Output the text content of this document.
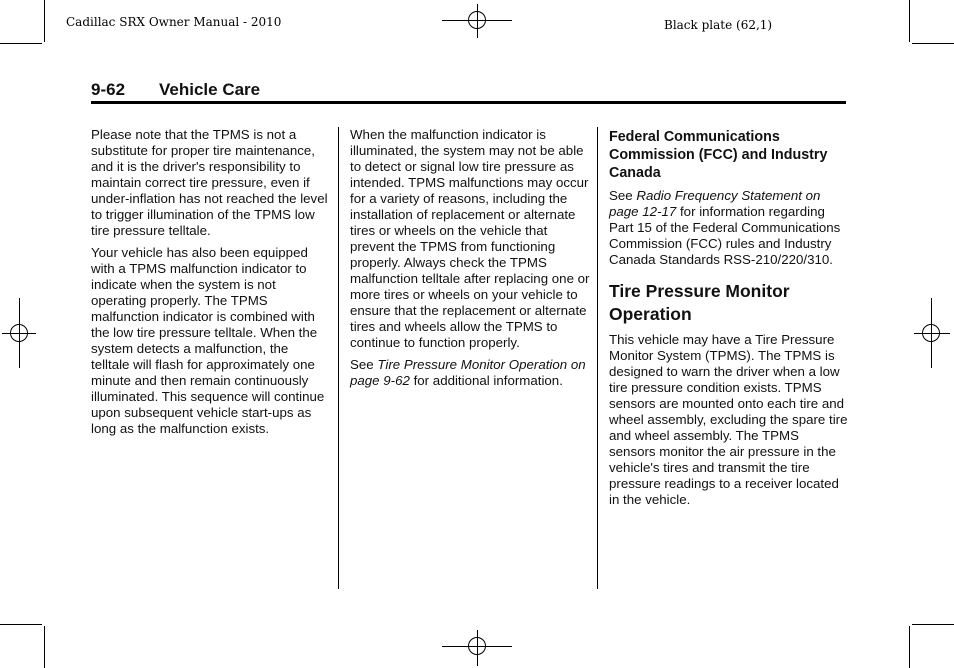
Cadillac SRX Owner Manual - 2010	Black plate (62,1)
9-62 Vehicle Care

Please note that the TPMS is not a substitute for proper tire maintenance, and it is the driver's responsibility to maintain correct tire pressure, even if under-inflation has not reached the level to trigger illumination of the TPMS low tire pressure telltale.

Your vehicle has also been equipped with a TPMS malfunction indicator to indicate when the system is not operating properly. The TPMS malfunction indicator is combined with the low tire pressure telltale. When the system detects a malfunction, the telltale will flash for approximately one minute and then remain continuously illuminated. This sequence will continue upon subsequent vehicle start-ups as long as the malfunction exists.

When the malfunction indicator is illuminated, the system may not be able to detect or signal low tire pressure as intended. TPMS malfunctions may occur for a variety of reasons, including the installation of replacement or alternate tires or wheels on the vehicle that prevent the TPMS from functioning properly. Always check the TPMS malfunction telltale after replacing one or more tires or wheels on your vehicle to ensure that the replacement or alternate tires and wheels allow the TPMS to continue to function properly.

See Tire Pressure Monitor Operation on page 9-62 for additional information.

Federal Communications Commission (FCC) and Industry Canada

See Radio Frequency Statement on page 12-17 for information regarding Part 15 of the Federal Communications Commission (FCC) rules and Industry Canada Standards RSS-210/220/310.

Tire Pressure Monitor Operation

This vehicle may have a Tire Pressure Monitor System (TPMS). The TPMS is designed to warn the driver when a low tire pressure condition exists. TPMS sensors are mounted onto each tire and wheel assembly, excluding the spare tire and wheel assembly. The TPMS sensors monitor the air pressure in the vehicle's tires and transmit the tire pressure readings to a receiver located in the vehicle.
